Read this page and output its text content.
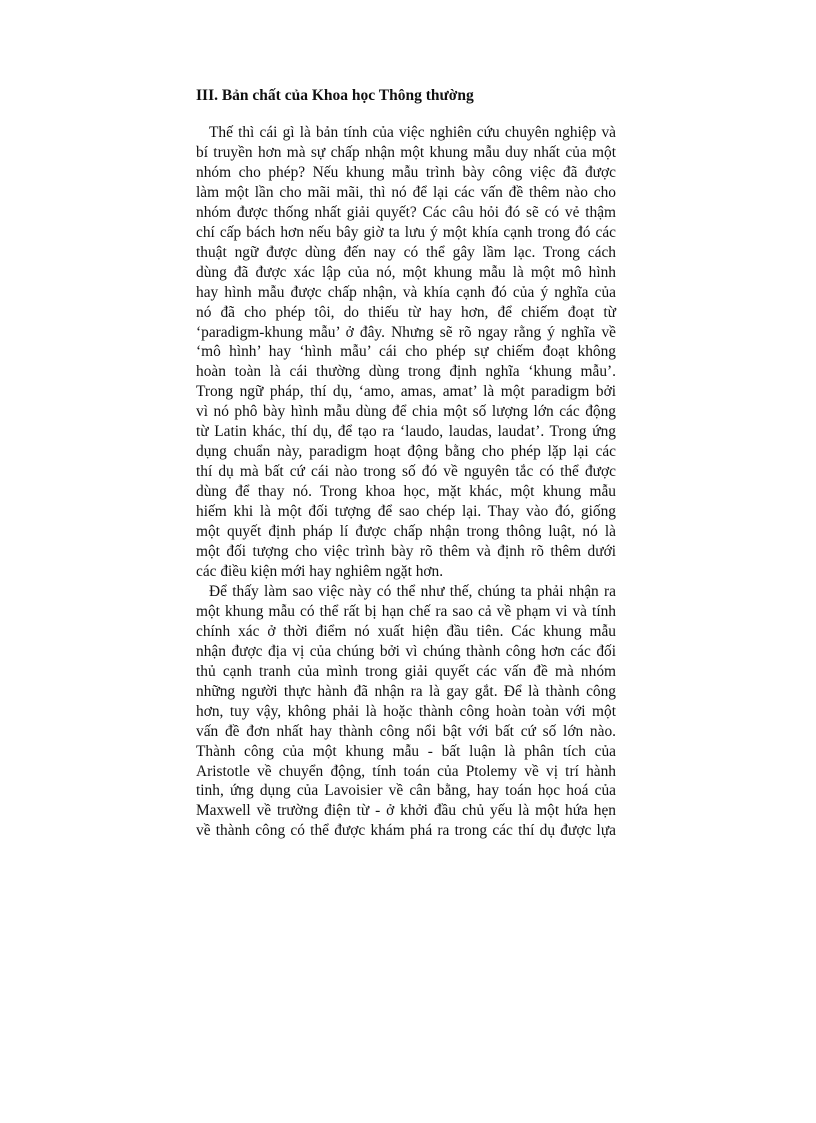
III. Bản chất của Khoa học Thông thường
Thế thì cái gì là bản tính của việc nghiên cứu chuyên nghiệp và
bí truyền hơn mà sự chấp nhận một khung mẫu duy nhất của một
nhóm cho phép? Nếu khung mẫu trình bày công việc đã được
làm một lần cho mãi mãi, thì nó để lại các vấn đề thêm nào cho
nhóm được thống nhất giải quyết? Các câu hỏi đó sẽ có vẻ thậm
chí cấp bách hơn nếu bây giờ ta lưu ý một khía cạnh trong đó các
thuật ngữ được dùng đến nay có thể gây lầm lạc. Trong cách
dùng đã được xác lập của nó, một khung mẫu là một mô hình
hay hình mẫu được chấp nhận, và khía cạnh đó của ý nghĩa của
nó đã cho phép tôi, do thiếu từ hay hơn, để chiếm đoạt từ
‘paradigm-khung mẫu’ ở đây. Nhưng sẽ rõ ngay rằng ý nghĩa về
‘mô hình’ hay ‘hình mẫu’ cái cho phép sự chiếm đoạt không
hoàn toàn là cái thường dùng trong định nghĩa ‘khung mẫu’.
Trong ngữ pháp, thí dụ, ‘amo, amas, amat’ là một paradigm bởi
vì nó phô bày hình mẫu dùng để chia một số lượng lớn các động
từ Latin khác, thí dụ, để tạo ra ‘laudo, laudas, laudat’. Trong ứng
dụng chuẩn này, paradigm hoạt động bằng cho phép lặp lại các
thí dụ mà bất cứ cái nào trong số đó về nguyên tắc có thể được
dùng để thay nó. Trong khoa học, mặt khác, một khung mẫu
hiếm khi là một đối tượng để sao chép lại. Thay vào đó, giống
một quyết định pháp lí được chấp nhận trong thông luật, nó là
một đối tượng cho việc trình bày rõ thêm và định rõ thêm dưới
các điều kiện mới hay nghiêm ngặt hơn.
Để thấy làm sao việc này có thể như thế, chúng ta phải nhận ra
một khung mẫu có thể rất bị hạn chế ra sao cả về phạm vi và tính
chính xác ở thời điểm nó xuất hiện đầu tiên. Các khung mẫu
nhận được địa vị của chúng bởi vì chúng thành công hơn các đối
thủ cạnh tranh của mình trong giải quyết các vấn đề mà nhóm
những người thực hành đã nhận ra là gay gắt. Để là thành công
hơn, tuy vậy, không phải là hoặc thành công hoàn toàn với một
vấn đề đơn nhất hay thành công nổi bật với bất cứ số lớn nào.
Thành công của một khung mẫu - bất luận là phân tích của
Aristotle về chuyển động, tính toán của Ptolemy về vị trí hành
tinh, ứng dụng của Lavoisier về cân bằng, hay toán học hoá của
Maxwell về trường điện từ - ở khởi đầu chủ yếu là một hứa hẹn
về thành công có thể được khám phá ra trong các thí dụ được lựa
